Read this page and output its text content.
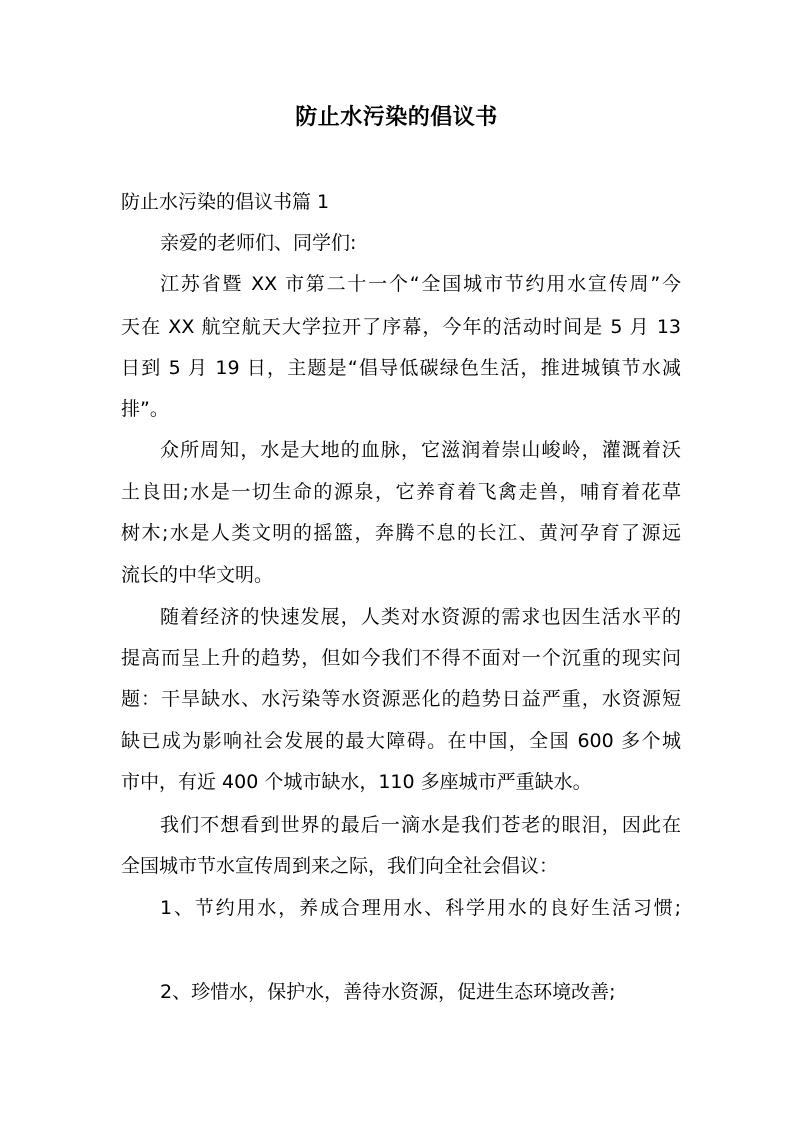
防止水污染的倡议书
防止水污染的倡议书篇 1
亲爱的老师们、同学们:
江苏省暨 XX 市第二十一个“全国城市节约用水宣传周”今
天在 XX 航空航天大学拉开了序幕，今年的活动时间是 5 月 13
日到 5 月 19 日，主题是“倡导低碳绿色生活，推进城镇节水减
排”。
众所周知，水是大地的血脉，它滋润着崇山峻岭，灌溉着沃
土良田;水是一切生命的源泉，它养育着飞禽走兽，哺育着花草
树木;水是人类文明的摇篮，奔腾不息的长江、黄河孕育了源远
流长的中华文明。
随着经济的快速发展，人类对水资源的需求也因生活水平的
提高而呈上升的趋势，但如今我们不得不面对一个沉重的现实问
题：干旱缺水、水污染等水资源恶化的趋势日益严重，水资源短
缺已成为影响社会发展的最大障碍。在中国，全国 600 多个城
市中，有近 400 个城市缺水，110 多座城市严重缺水。
我们不想看到世界的最后一滴水是我们苍老的眼泪，因此在
全国城市节水宣传周到来之际，我们向全社会倡议：
1、节约用水，养成合理用水、科学用水的良好生活习惯;
2、珍惜水，保护水，善待水资源，促进生态环境改善;
